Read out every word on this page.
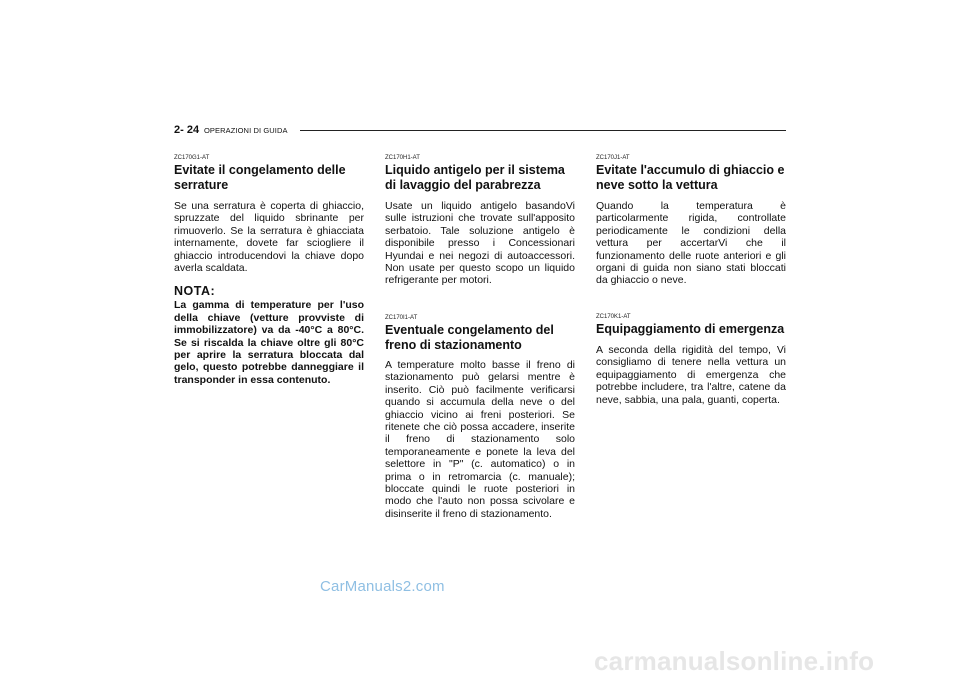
2- 24 OPERAZIONI DI GUIDA
ZC170G1-AT
Evitate il congelamento delle serrature
Se una serratura è coperta di ghiaccio, spruzzate del liquido sbrinante per rimuoverlo. Se la serratura è ghiacciata internamente, dovete far sciogliere il ghiaccio introducendovi la chiave dopo averla scaldata.
NOTA:
La gamma di temperature per l'uso della chiave (vetture provviste di immobilizzatore) va da -40°C a 80°C. Se si riscalda la chiave oltre gli 80°C per aprire la serratura bloccata dal gelo, questo potrebbe danneggiare il transponder in essa contenuto.
ZC170H1-AT
Liquido antigelo per il sistema di lavaggio del parabrezza
Usate un liquido antigelo basandoVi sulle istruzioni che trovate sull'apposito serbatoio. Tale soluzione antigelo è disponibile presso i Concessionari Hyundai e nei negozi di autoaccessori. Non usate per questo scopo un liquido refrigerante per motori.
ZC170I1-AT
Eventuale congelamento del freno di stazionamento
A temperature molto basse il freno di stazionamento può gelarsi mentre è inserito. Ciò può facilmente verificarsi quando si accumula della neve o del ghiaccio vicino ai freni posteriori. Se ritenete che ciò possa accadere, inserite il freno di stazionamento solo temporaneamente e ponete la leva del selettore in "P" (c. automatico) o in prima o in retromarcia (c. manuale); bloccate quindi le ruote posteriori in modo che l'auto non possa scivolare e disinserite il freno di stazionamento.
ZC170J1-AT
Evitate l'accumulo di ghiaccio e neve sotto la vettura
Quando la temperatura è particolarmente rigida, controllate periodicamente le condizioni della vettura per accertarVi che il funzionamento delle ruote anteriori e gli organi di guida non siano stati bloccati da ghiaccio o neve.
ZC170K1-AT
Equipaggiamento di emergenza
A seconda della rigidità del tempo, Vi consigliamo di tenere nella vettura un equipaggiamento di emergenza che potrebbe includere, tra l'altre, catene da neve, sabbia, una pala, guanti, coperta.
CarManuals2.com
carmanualsonline.info
